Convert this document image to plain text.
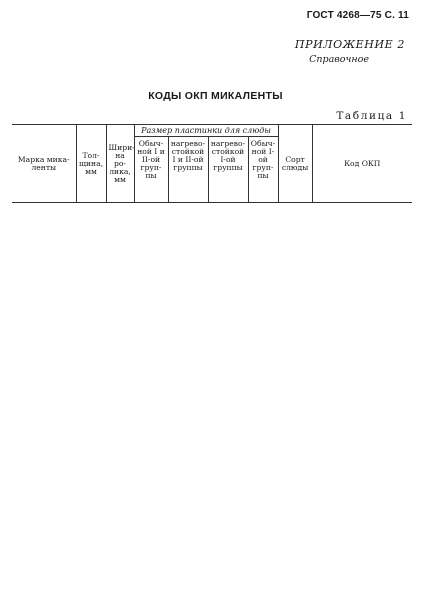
ГОСТ 4268—75 С. 11
ПРИЛОЖЕНИЕ 2
Справочное
КОДЫ ОКП МИКАЛЕНТЫ
Таблица 1
Марка микаленты	Толщина, мм	Ширина ролика, мм	Размер пластинки для слюды				Сорт слюды	Код ОКП
			Обычной I и II-ой группы	нагревостойкой I и II-ой группы	нагревостойкой I-ой группы	Обычной I-ой группы		
